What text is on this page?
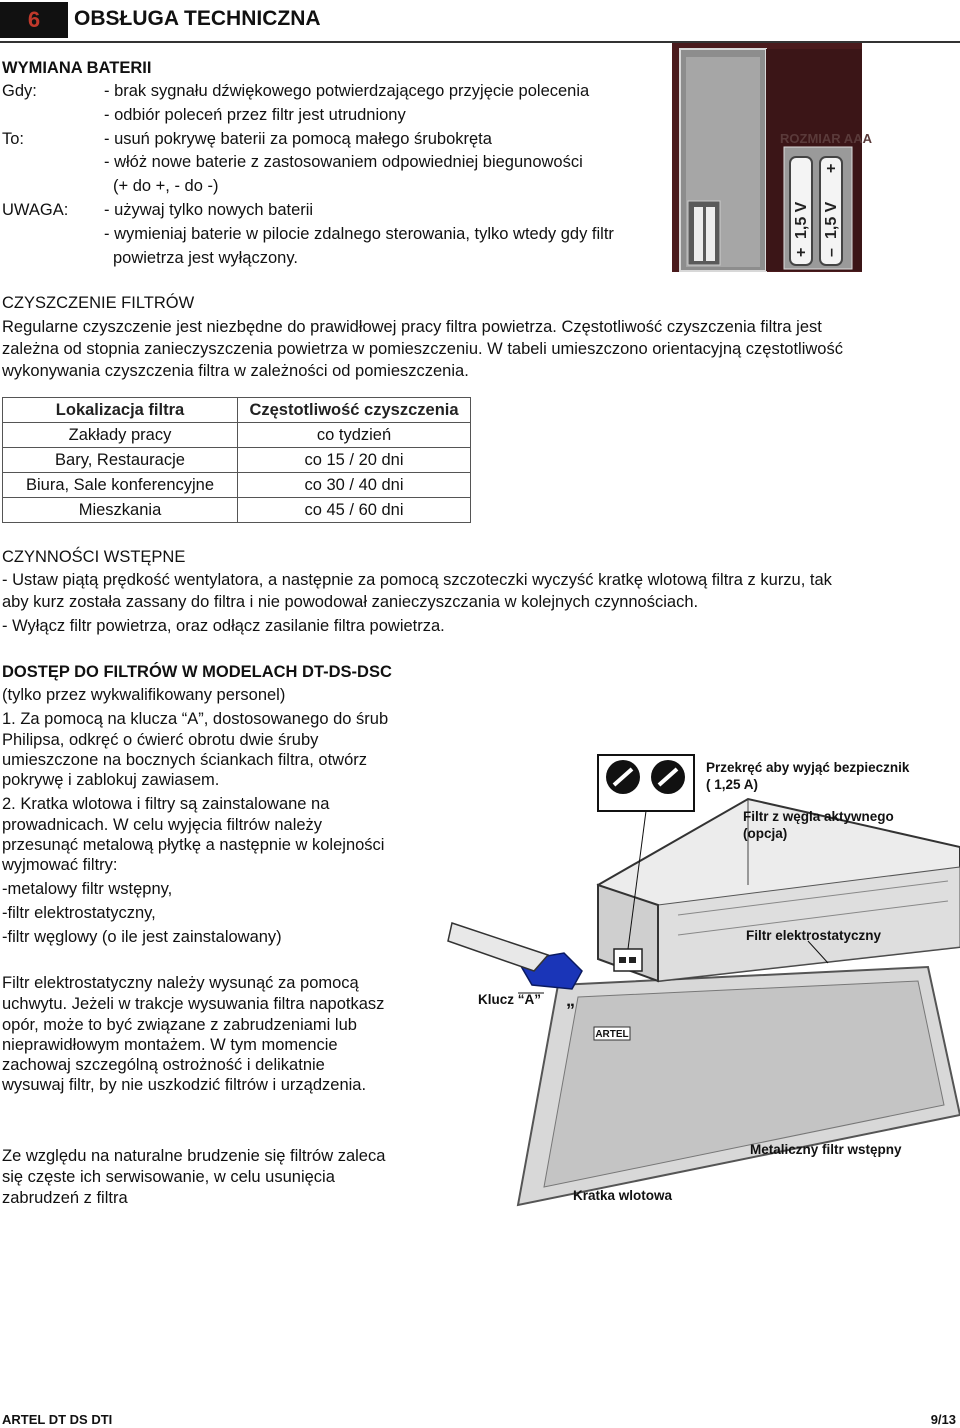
6	OBSŁUGA TECHNICZNA
WYMIANA BATERII
Gdy:	- brak sygnału dźwiękowego potwierdzającego przyjęcie polecenia
- odbiór poleceń przez filtr jest utrudniony
To:	- usuń pokrywę baterii za pomocą małego śrubokręta
- włóż nowe baterie z zastosowaniem odpowiedniej biegunowości
(+ do +, - do -)
UWAGA: - używaj tylko nowych baterii
- wymieniaj baterie w pilocie zdalnego sterowania, tylko wtedy gdy filtr
powietrza jest wyłączony.
ROZMIAR AAA
1,5 V 1,5 V
+ –
+
CZYSZCZENIE FILTRÓW
Regularne czyszczenie jest niezbędne do prawidłowej pracy filtra powietrza. Częstotliwość czyszczenia filtra jest
zależna od stopnia zanieczyszczenia powietrza w pomieszczeniu. W tabeli umieszczono orientacyjną częstotliwość
wykonywania czyszczenia filtra w zależności od pomieszczenia.
Lokalizacja filtra	Częstotliwość czyszczenia
Zakłady pracy	co tydzień
Bary, Restauracje	co 15 / 20 dni
Biura, Sale konferencyjne	co 30 / 40 dni
Mieszkania	co 45 / 60 dni
CZYNNOŚCI WSTĘPNE
- Ustaw piątą prędkość wentylatora, a następnie za pomocą szczoteczki wyczyść kratkę wlotową filtra z kurzu, tak
aby kurz została zassany do filtra i nie powodował zanieczyszczania w kolejnych czynnościach.
- Wyłącz filtr powietrza, oraz odłącz zasilanie filtra powietrza.
DOSTĘP DO FILTRÓW W MODELACH DT-DS-DSC
(tylko przez wykwalifikowany personel)
1. Za pomocą na klucza “A”, dostosowanego do śrub
Philipsa, odkręć o ćwierć obrotu dwie śruby
umieszczone na bocznych ściankach filtra, otwórz
pokrywę i zablokuj zawiasem.
2. Kratka wlotowa i filtry są zainstalowane na
prowadnicach. W celu wyjęcia filtrów należy
przesunąć metalową płytkę a następnie w kolejności
wyjmować filtry:
-metalowy filtr wstępny,
-filtr elektrostatyczny,
-filtr węglowy (o ile jest zainstalowany)
Filtr elektrostatyczny należy wysunąć za pomocą
uchwytu. Jeżeli w trakcje wysuwania filtra napotkasz
opór, może to być związane z zabrudzeniami lub
nieprawidłowym montażem. W tym momencie
zachowaj szczególną ostrożność i delikatnie
wysuwaj filtr, by nie uszkodzić filtrów i urządzenia.
Ze względu na naturalne brudzenie się filtrów zaleca
się częste ich serwisowanie, w celu usunięcia
zabrudzeń z filtra
ARTEL
Przekręć aby wyjąć bezpiecznik
( 1,25 A)
Filtr z węgla aktywnego
(opcja)
Filtr elektrostatyczny
Klucz “A” „
Metaliczny filtr wstępny
Kratka wlotowa
ARTEL DT DS DTI	9/13
